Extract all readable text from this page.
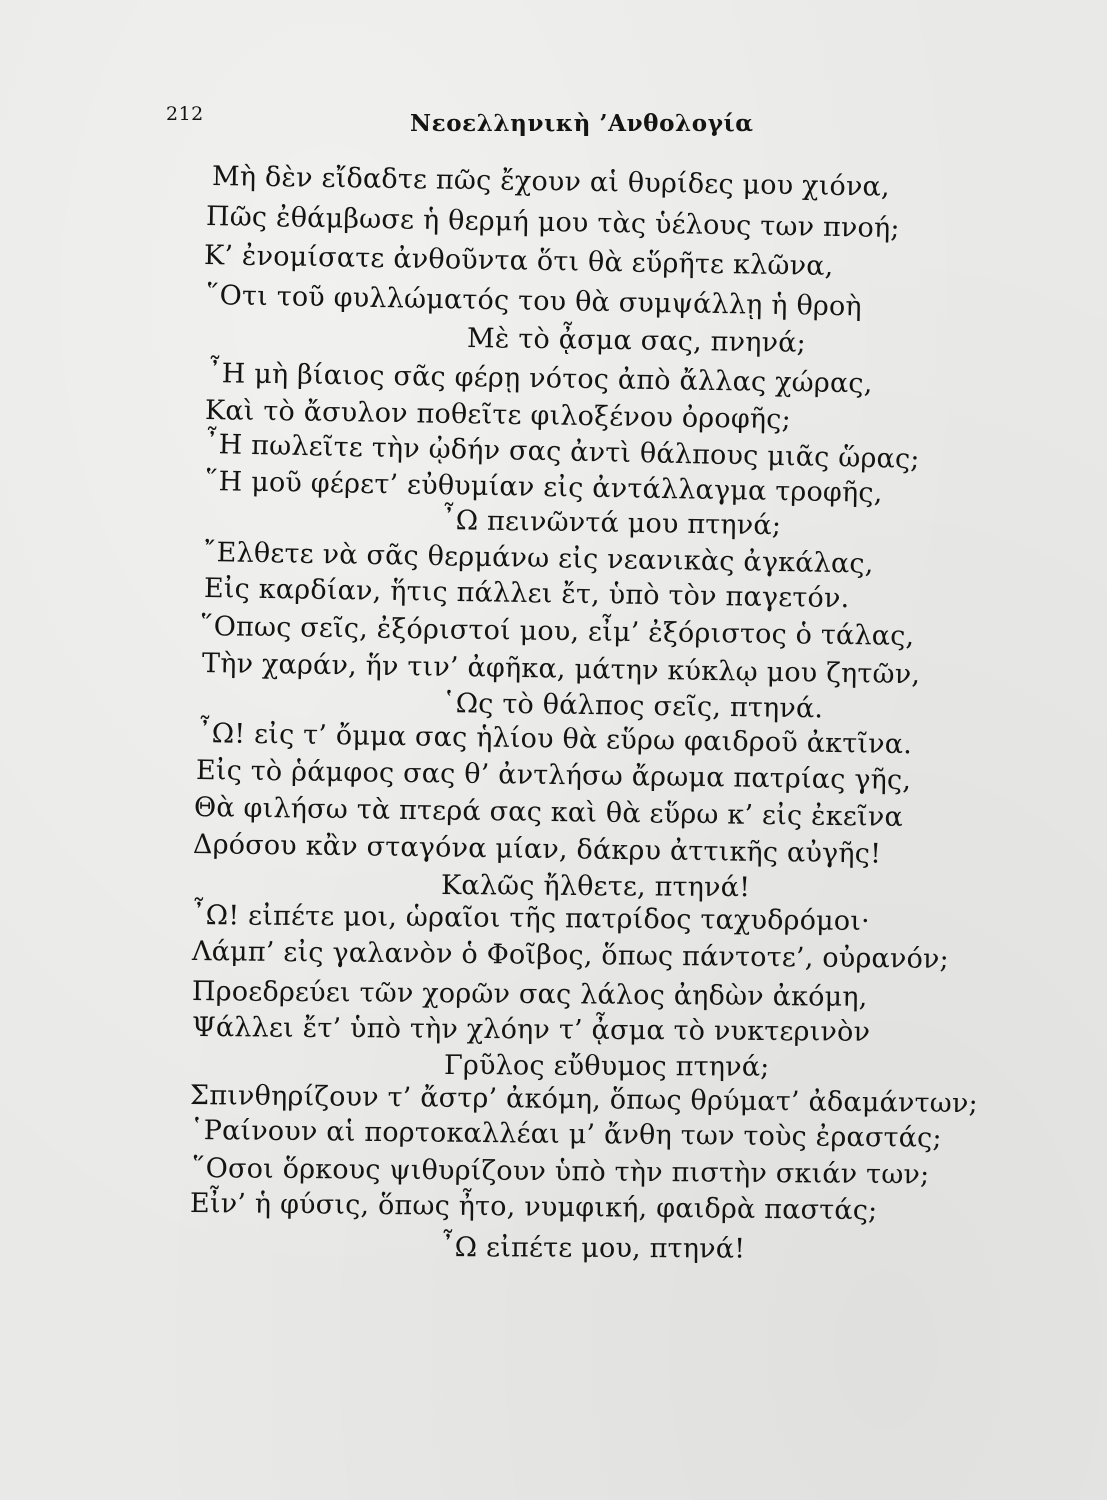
212	Νεοελληνικὴ ’Ανθολογία
Μὴ δὲν εἴδαδτε πῶς ἔχουν αἱ θυρίδες μου χιόνα,
Πῶς ἐθάμβωσε ἡ θερμή μου τὰς ὑέλους των πνοή;
Κ’ ἐνομίσατε ἀνθοῦντα ὅτι θὰ εὕρῆτε κλῶνα,
῞Οτι τοῦ φυλλώματός του θὰ συμψάλλῃ ἡ θροὴ
Μὲ τὸ ᾆσμα σας, πνηνά;
῏Η μὴ βίαιος σᾶς φέρῃ νότος ἀπὸ ἄλλας χώρας,
Καὶ τὸ ἄσυλον ποθεῖτε φιλοξένου ὀροφῆς;
῏Η πωλεῖτε τὴν ᾠδήν σας ἀντὶ θάλπους μιᾶς ὥρας;
῞Η μοῦ φέρετ’ εὐθυμίαν εἰς ἀντάλλαγμα τροφῆς,
῏Ω πεινῶντά μου πτηνά;
῎Ελθετε νὰ σᾶς θερμάνω εἰς νεανικὰς ἀγκάλας,
Εἰς καρδίαν, ἥτις πάλλει ἔτ, ὑπὸ τὸν παγετόν.
῞Οπως σεῖς, ἐξόριστοί μου, εἶμ’ ἐξόριστος ὁ τάλας,
Τὴν χαράν, ἥν τιν’ ἀφῆκα, μάτην κύκλῳ μου ζητῶν,
῾Ως τὸ θάλπος σεῖς, πτηνά.
῏Ω! εἰς τ’ ὄμμα σας ἡλίου θὰ εὕρω φαιδροῦ ἀκτῖνα.
Εἰς τὸ ῥάμφος σας θ’ ἀντλήσω ἄρωμα πατρίας γῆς,
Θὰ φιλήσω τὰ πτερά σας καὶ θὰ εὕρω κ’ εἰς ἐκεῖνα
Δρόσου κἂν σταγόνα μίαν, δάκρυ ἀττικῆς αὐγῆς!
Καλῶς ἤλθετε, πτηνά!
῏Ω! εἰπέτε μοι, ὡραῖοι τῆς πατρίδος ταχυδρόμοι·
Λάμπ’ εἰς γαλανὸν ὁ Φοῖβος, ὅπως πάντοτε’, οὐρανόν;
Προεδρεύει τῶν χορῶν σας λάλος ἀηδὼν ἀκόμη,
Ψάλλει ἔτ’ ὑπὸ τὴν χλόην τ’ ᾆσμα τὸ νυκτερινὸν
Γρῦλος εὔθυμος πτηνά;
Σπινθηρίζουν τ’ ἄστρ’ ἀκόμη, ὅπως θρύματ’ ἀδαμάντων;
῾Ραίνουν αἱ πορτοκαλλέαι μ’ ἄνθη των τοὺς ἐραστάς;
῞Οσοι ὅρκους ψιθυρίζουν ὑπὸ τὴν πιστὴν σκιάν των;
Εἶν’ ἡ φύσις, ὅπως ἦτο, νυμφική, φαιδρὰ παστάς;
῏Ω εἰπέτε μου, πτηνά!
